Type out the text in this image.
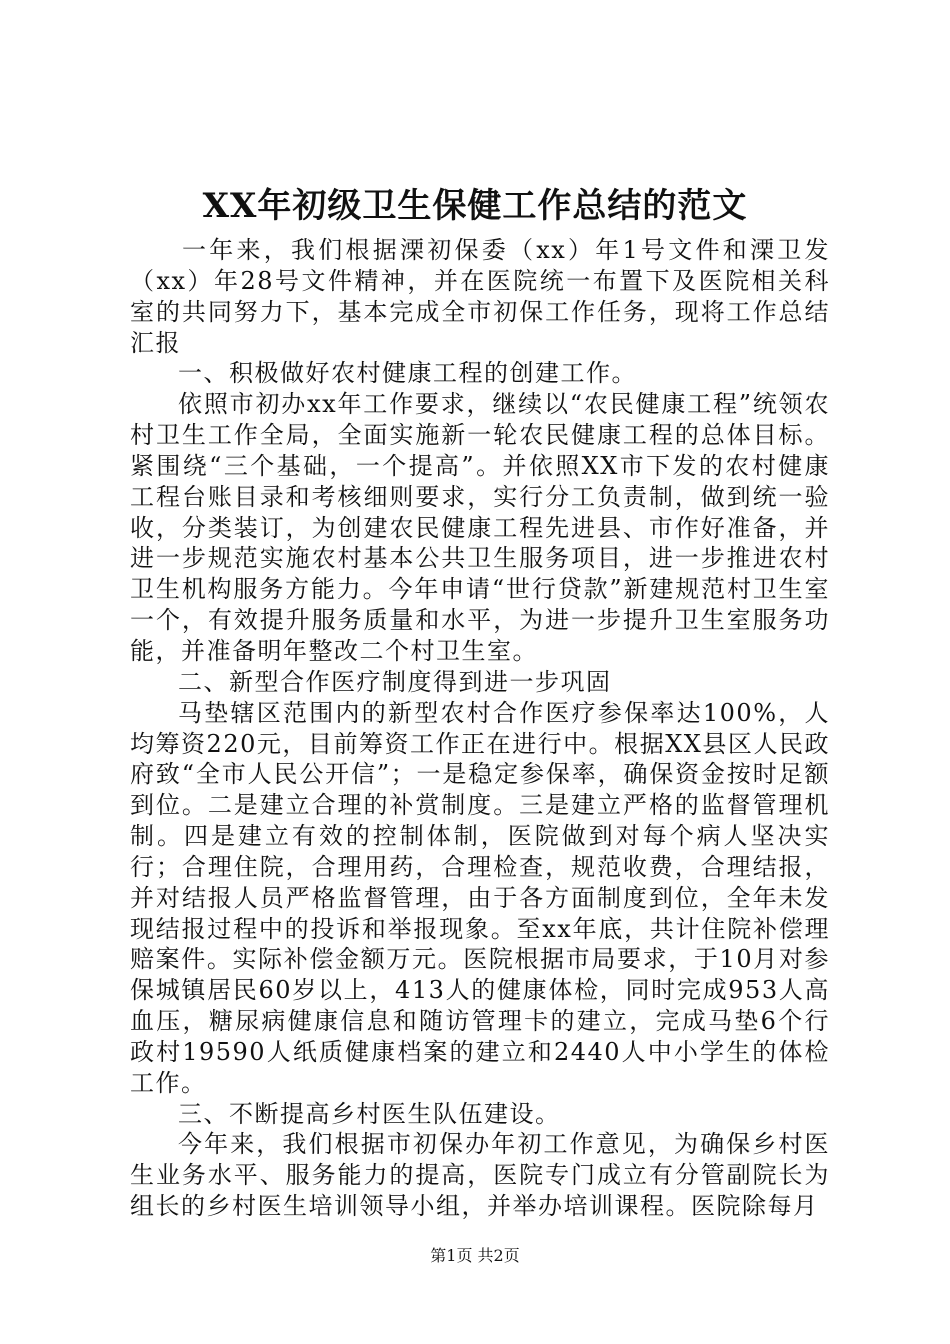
XX年初级卫生保健工作总结的范文

一年来，我们根据溧初保委（xx）年1号文件和溧卫发（xx）年28号文件精神，并在医院统一布置下及医院相关科室的共同努力下，基本完成全市初保工作任务，现将工作总结汇报

一、积极做好农村健康工程的创建工作。

依照市初办xx年工作要求，继续以“农民健康工程”统领农村卫生工作全局，全面实施新一轮农民健康工程的总体目标。紧围绕“三个基础，一个提高”。并依照XX市下发的农村健康工程台账目录和考核细则要求，实行分工负责制，做到统一验收，分类装订，为创建农民健康工程先进县、市作好准备，并进一步规范实施农村基本公共卫生服务项目，进一步推进农村卫生机构服务方能力。今年申请“世行贷款”新建规范村卫生室一个，有效提升服务质量和水平，为进一步提升卫生室服务功能，并准备明年整改二个村卫生室。

二、新型合作医疗制度得到进一步巩固

马垫辖区范围内的新型农村合作医疗参保率达100%，人均筹资220元，目前筹资工作正在进行中。根据XX县区人民政府致“全市人民公开信”；一是稳定参保率，确保资金按时足额到位。二是建立合理的补赏制度。三是建立严格的监督管理机制。四是建立有效的控制体制，医院做到对每个病人坚决实行；合理住院，合理用药，合理检查，规范收费，合理结报，并对结报人员严格监督管理，由于各方面制度到位，全年未发现结报过程中的投诉和举报现象。至xx年底，共计住院补偿理赔案件。实际补偿金额万元。医院根据市局要求，于10月对参保城镇居民60岁以上，413人的健康体检，同时完成953人高血压，糖尿病健康信息和随访管理卡的建立，完成马垫6个行政村19590人纸质健康档案的建立和2440人中小学生的体检工作。

三、不断提高乡村医生队伍建设。

今年来，我们根据市初保办年初工作意见，为确保乡村医生业务水平、服务能力的提高，医院专门成立有分管副院长为组长的乡村医生培训领导小组，并举办培训课程。医院除每月

第1页 共2页
